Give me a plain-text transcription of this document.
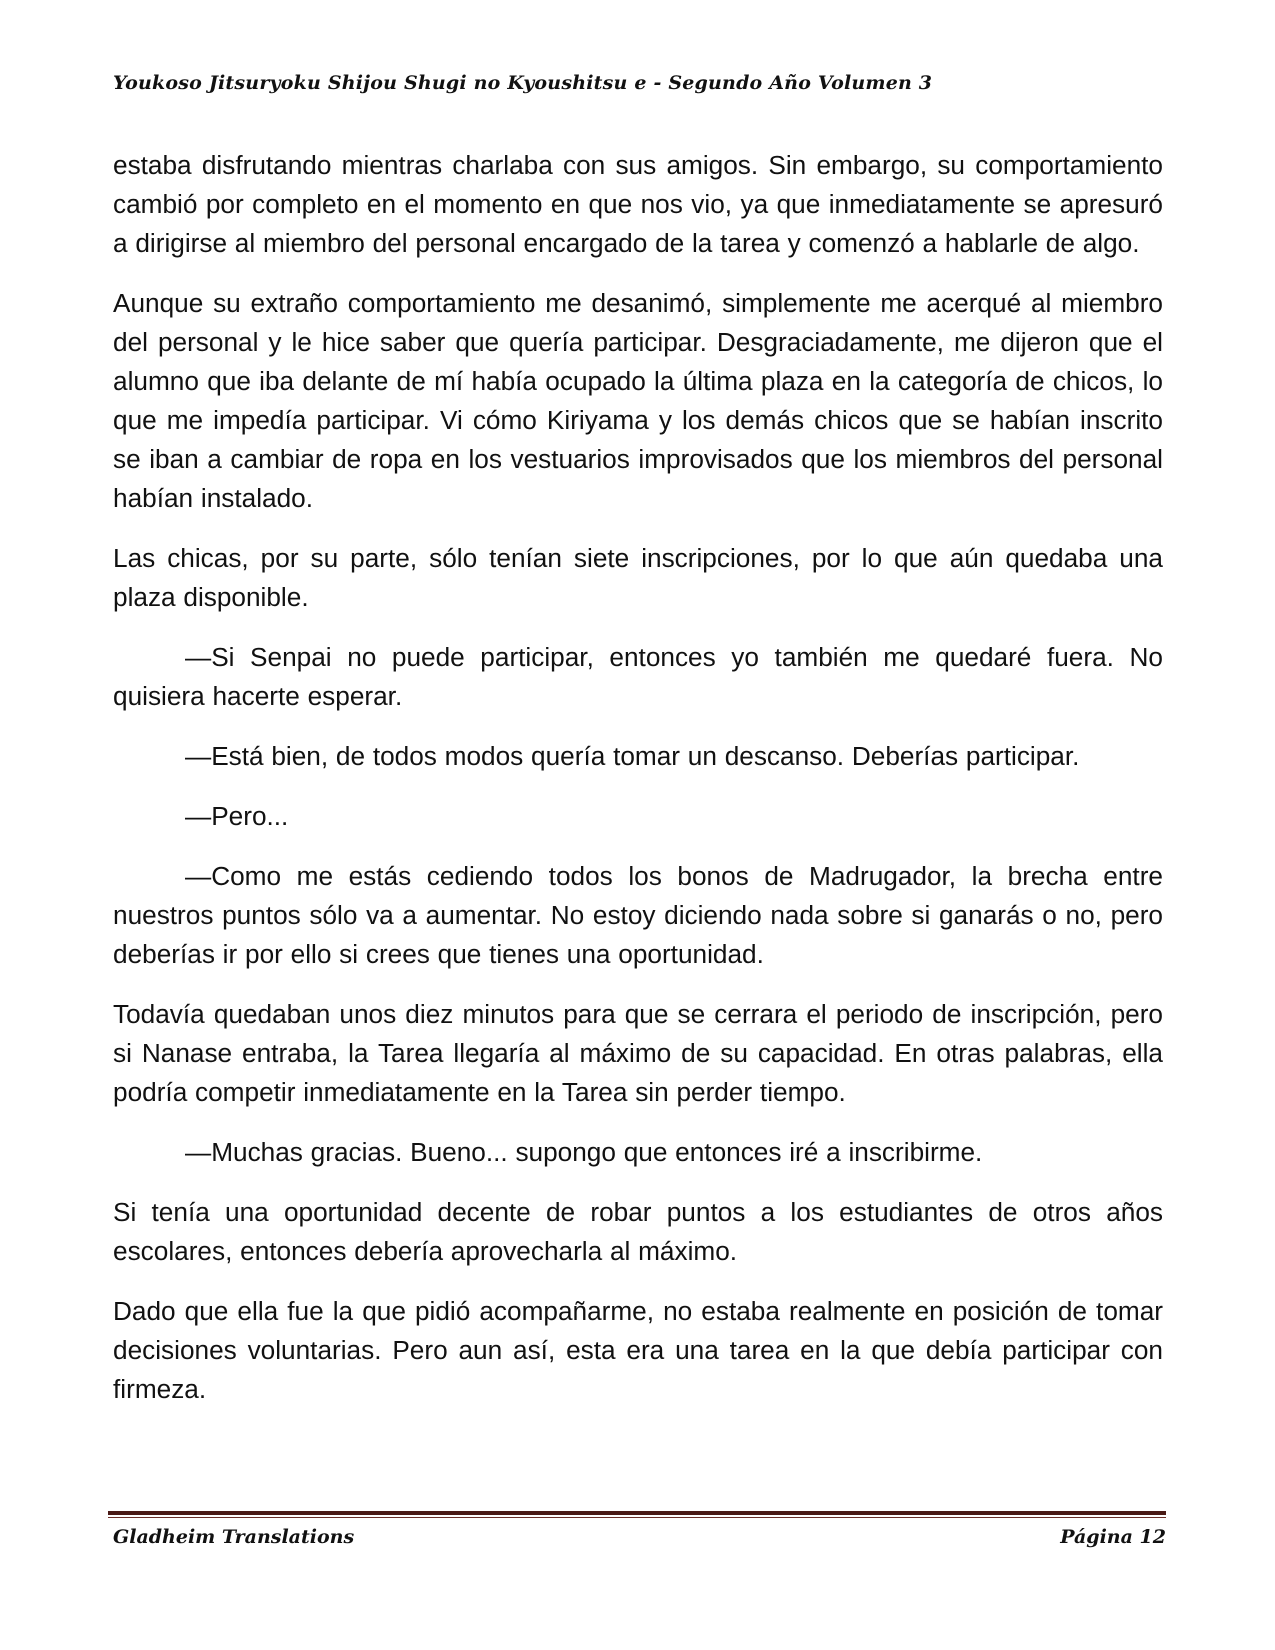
Youkoso Jitsuryoku Shijou Shugi no Kyoushitsu e - Segundo Año Volumen 3

estaba disfrutando mientras charlaba con sus amigos. Sin embargo, su comportamiento cambió por completo en el momento en que nos vio, ya que inmediatamente se apresuró a dirigirse al miembro del personal encargado de la tarea y comenzó a hablarle de algo.

Aunque su extraño comportamiento me desanimó, simplemente me acerqué al miembro del personal y le hice saber que quería participar. Desgraciadamente, me dijeron que el alumno que iba delante de mí había ocupado la última plaza en la categoría de chicos, lo que me impedía participar. Vi cómo Kiriyama y los demás chicos que se habían inscrito se iban a cambiar de ropa en los vestuarios improvisados que los miembros del personal habían instalado.

Las chicas, por su parte, sólo tenían siete inscripciones, por lo que aún quedaba una plaza disponible.

—Si Senpai no puede participar, entonces yo también me quedaré fuera. No quisiera hacerte esperar.

—Está bien, de todos modos quería tomar un descanso. Deberías participar.

—Pero...

—Como me estás cediendo todos los bonos de Madrugador, la brecha entre nuestros puntos sólo va a aumentar. No estoy diciendo nada sobre si ganarás o no, pero deberías ir por ello si crees que tienes una oportunidad.

Todavía quedaban unos diez minutos para que se cerrara el periodo de inscripción, pero si Nanase entraba, la Tarea llegaría al máximo de su capacidad. En otras palabras, ella podría competir inmediatamente en la Tarea sin perder tiempo.

—Muchas gracias. Bueno... supongo que entonces iré a inscribirme.

Si tenía una oportunidad decente de robar puntos a los estudiantes de otros años escolares, entonces debería aprovecharla al máximo.

Dado que ella fue la que pidió acompañarme, no estaba realmente en posición de tomar decisiones voluntarias. Pero aun así, esta era una tarea en la que debía participar con firmeza.

Gladheim Translations	Página 12
